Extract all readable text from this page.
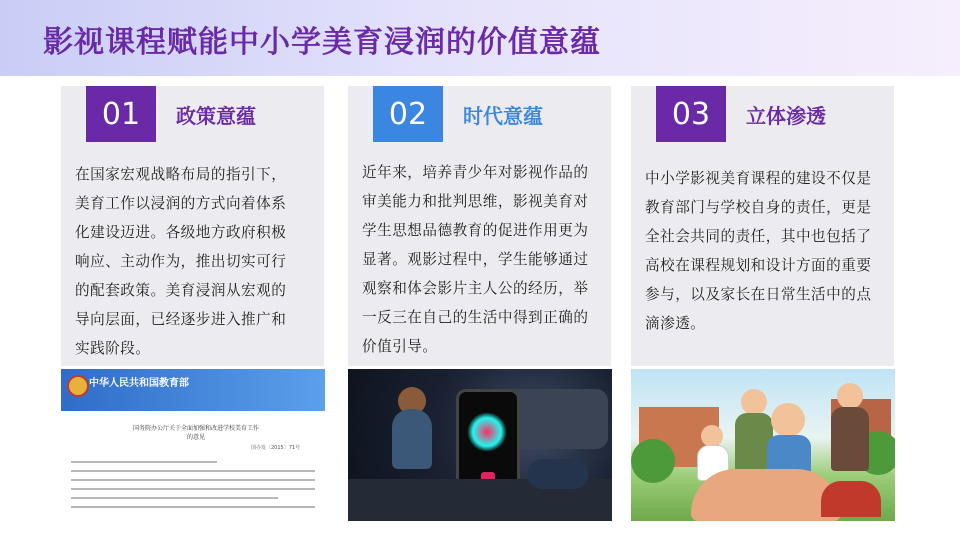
影视课程赋能中小学美育浸润的价值意蕴
01	政策意蕴
在国家宏观战略布局的指引下，
美育工作以浸润的方式向着体系
化建设迈进。各级地方政府积极
响应、主动作为，推出切实可行
的配套政策。美育浸润从宏观的
导向层面，已经逐步进入推广和
实践阶段。
02	时代意蕴
近年来，培养青少年对影视作品的
审美能力和批判思维，影视美育对
学生思想品德教育的促进作用更为
显著。观影过程中，学生能够通过
观察和体会影片主人公的经历，举
一反三在自己的生活中得到正确的
价值引导。
03	立体渗透
中小学影视美育课程的建设不仅是
教育部门与学校自身的责任，更是
全社会共同的责任，其中也包括了
高校在课程规划和设计方面的重要
参与，以及家长在日常生活中的点
滴渗透。
中华人民共和国教育部
国务院办公厅关于全面加强和改进学校美育工作的意见
国办发〔2015〕71号
